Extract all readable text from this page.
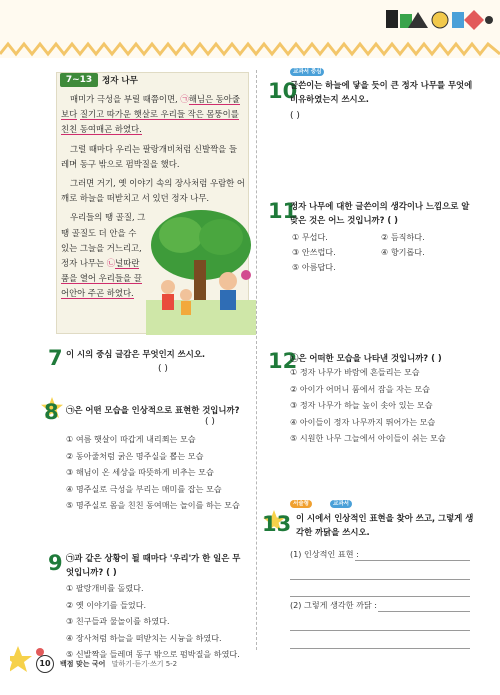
7~13	정자 나무

매미가 극성을 부릴 때쯤이면, ㉠해님은 동아줄보다 질기고 따가운 햇살로 우리들 작은 몸뚱이를 친친 동여매곤 하였다.

그럴 때마다 우리는 팔랑개비처럼 신발짝을 들레며 동구 밖으로 펌박질을 했다.

그러면 거기, 옛 이야기 속의 장사처럼 우람한 어깨로 하늘을 떠받치고 서 있던 정자 나무.

우리들의 땡 골질, 그 땡 골질도 더 안을 수 있는 그늘을 거느리고, 정자 나무는 ㉡널따란 품을 열어 우리들을 끌어안아 주곤 하였다.

7 이 시의 중심 글감은 무엇인지 쓰시오.
( )
8 ㉠은 어떤 모습을 인상적으로 표현한 것입니까?
( )
① 여름 햇살이 따갑게 내리쬐는 모습
② 동아줄처럼 굵은 명주실을 뽑는 모습
③ 해님이 온 세상을 따뜻하게 비추는 모습
④ 명주실로 극성을 부리는 매미를 잡는 모습
⑤ 명주실로 몸을 친친 동여매는 놀이를 하는 모습
9 ㉠과 같은 상황이 될 때마다 '우리'가 한 일은 무
엇입니까? ( )
① 팔랑개비를 돌렸다.
② 옛 이야기를 들었다.
③ 친구들과 물놀이를 하였다.
④ 장사처럼 하늘을 떠받치는 시늉을 하였다.
⑤ 신발짝을 들레며 동구 밖으로 펌박질을 하였다.
10
교과서 중심
글쓴이는 하늘에 닿을 듯이 큰 정자 나무를 무엇에
비유하였는지 쓰시오.
( )
11
정자 나무에 대한 글쓴이의 생각이나 느낌으로 알
맞은 것은 어느 것입니까? ( )
① 무섭다.	② 듬직하다.
③ 안쓰럽다.	④ 향기롭다.
⑤ 아름답다.
12
㉡은 어떠한 모습을 나타낸 것입니까? ( )
① 정자 나무가 바람에 흔들리는 모습
② 아이가 어머니 품에서 잠을 자는 모습
③ 정자 나무가 하늘 높이 솟아 있는 모습
④ 아이들이 정자 나무까지 뛰어가는 모습
⑤ 시원한 나무 그늘에서 아이들이 쉬는 모습
13
서술형	교과서
이 시에서 인상적인 표현을 찾아 쓰고, 그렇게 생
각한 까닭을 쓰시오.
(1) 인상적인 표현 :
(2) 그렇게 생각한 까닭 :
10	백점 맞는 국어 말하기·듣기·쓰기 5-2
